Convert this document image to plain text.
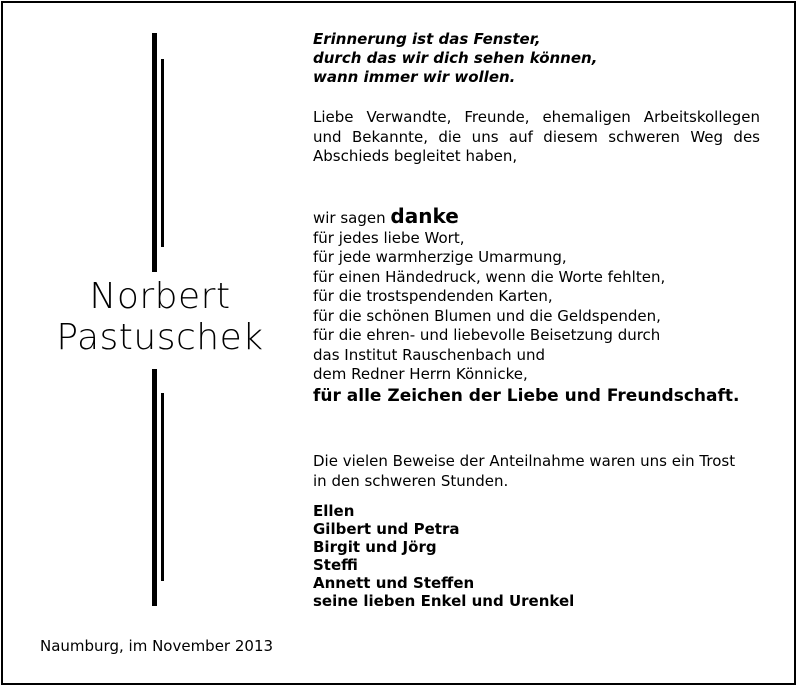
Norbert
Pastuschek
Erinnerung ist das Fenster,
durch das wir dich sehen können,
wann immer wir wollen.
Liebe Verwandte, Freunde, ehemaligen Arbeitskollegen und Bekannte, die uns auf diesem schweren Weg des Abschieds begleitet haben,
wir sagen danke
für jedes liebe Wort,
für jede warmherzige Umarmung,
für einen Händedruck, wenn die Worte fehlten,
für die trostspendenden Karten,
für die schönen Blumen und die Geldspenden,
für die ehren- und liebevolle Beisetzung durch
das Institut Rauschenbach und
dem Redner Herrn Könnicke,
für alle Zeichen der Liebe und Freundschaft.
Die vielen Beweise der Anteilnahme waren uns ein Trost in den schweren Stunden.
Ellen
Gilbert und Petra
Birgit und Jörg
Steffi
Annett und Steffen
seine lieben Enkel und Urenkel
Naumburg, im November 2013
